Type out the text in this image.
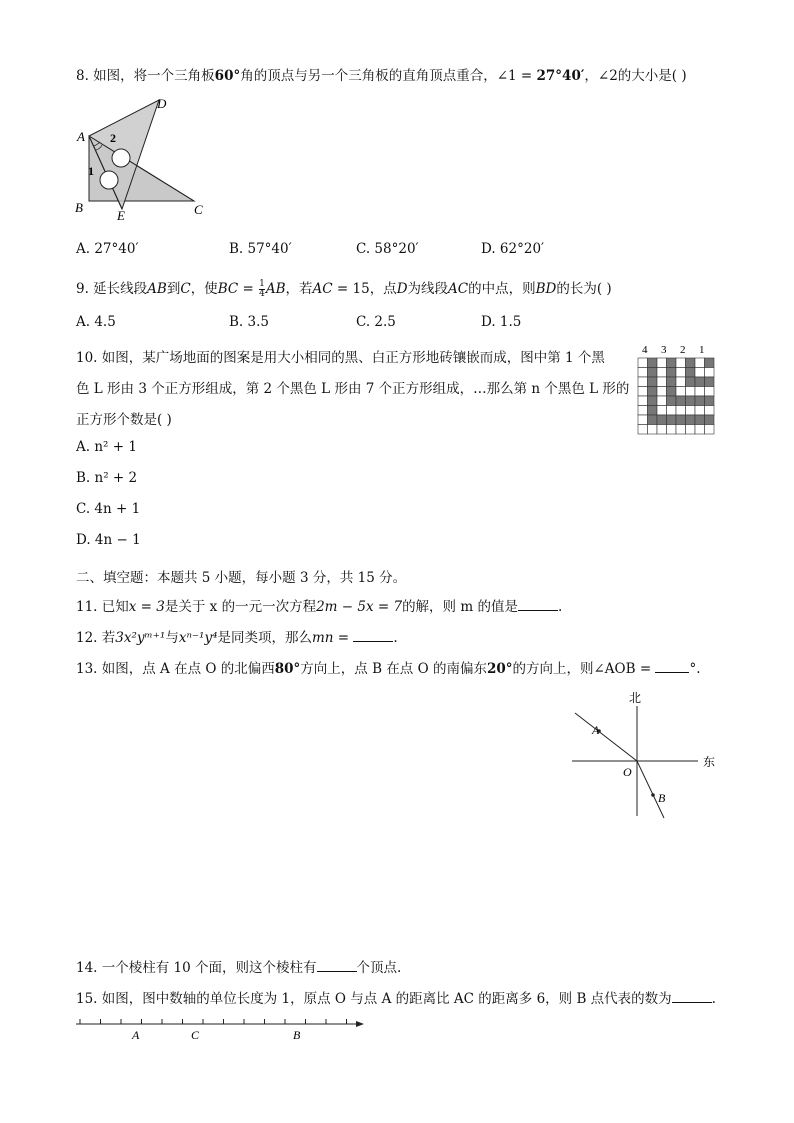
8. 如图，将一个三角板60°角的顶点与另一个三角板的直角顶点重合，∠1 = 27°40′，∠2的大小是( )
A
B	C
D
E
1
2
A. 27°40′	B. 57°40′	C. 58°20′	D. 62°20′
9. 延长线段AB到C，使BC = $\frac{1}{4}$ AB，若AC = 15，点D为线段AC的中点，则BD的长为( )
A. 4.5	B. 3.5	C. 2.5	D. 1.5
10. 如图，某广场地面的图案是用大小相同的黑、白正方形地砖镶嵌而成，图中第 1 个黑
色 L 形由 3 个正方形组成，第 2 个黑色 L 形由 7 个正方形组成，…那么第 n 个黑色 L 形的
正方形个数是( )
4 3 2 1
A. n² + 1
B. n² + 2
C. 4n + 1
D. 4n − 1
二、填空题：本题共 5 小题，每小题 3 分，共 15 分。
11. 已知x = 3是关于 x 的一元一次方程2m − 5x = 7的解，则 m 的值是	.
12. 若3x²yᵐ⁺¹与xⁿ⁻¹y⁴是同类项，那么mn =	.
13. 如图，点 A 在点 O 的北偏西80°方向上，点 B 在点 O 的南偏东20°的方向上，则∠AOB =	°.
北
东
O
A
B
14. 一个棱柱有 10 个面，则这个棱柱有	个顶点.
15. 如图，图中数轴的单位长度为 1，原点 O 与点 A 的距离比 AC 的距离多 6，则 B 点代表的数为	.
A	C	B
